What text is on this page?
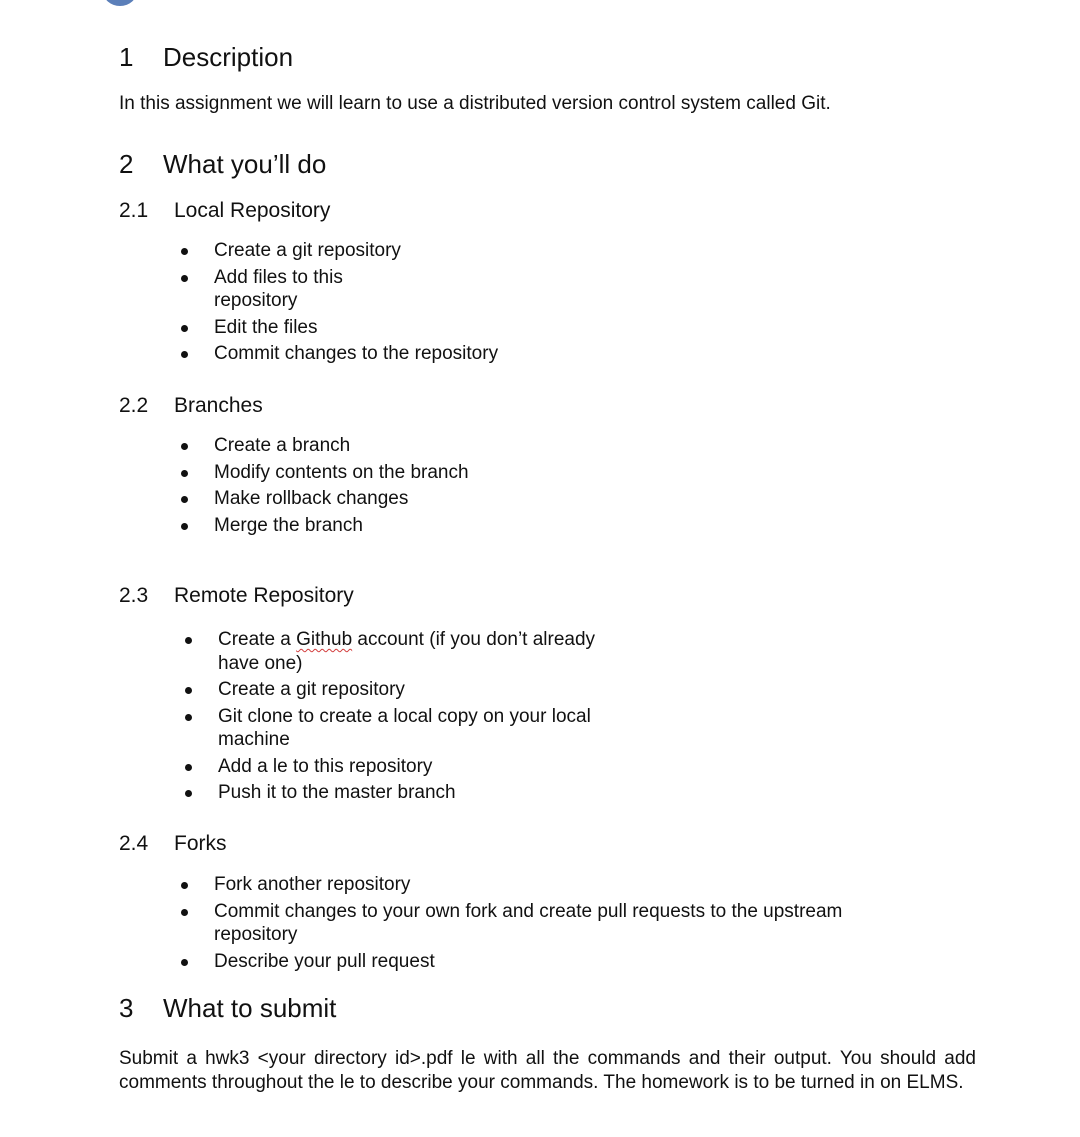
1 Description
In this assignment we will learn to use a distributed version control system called Git.
2 What you’ll do
2.1 Local Repository
Create a git repository
Add files to this repository
Edit the files
Commit changes to the repository
2.2 Branches
Create a branch
Modify contents on the branch
Make rollback changes
Merge the branch
2.3 Remote Repository
Create a Github account (if you don’t already have one)
Create a git repository
Git clone to create a local copy on your local machine
Add a le to this repository
Push it to the master branch
2.4 Forks
Fork another repository
Commit changes to your own fork and create pull requests to the upstream repository
Describe your pull request
3 What to submit
Submit a hwk3 <your directory id>.pdf le with all the commands and their output. You should add comments throughout the le to describe your commands. The homework is to be turned in on ELMS.
